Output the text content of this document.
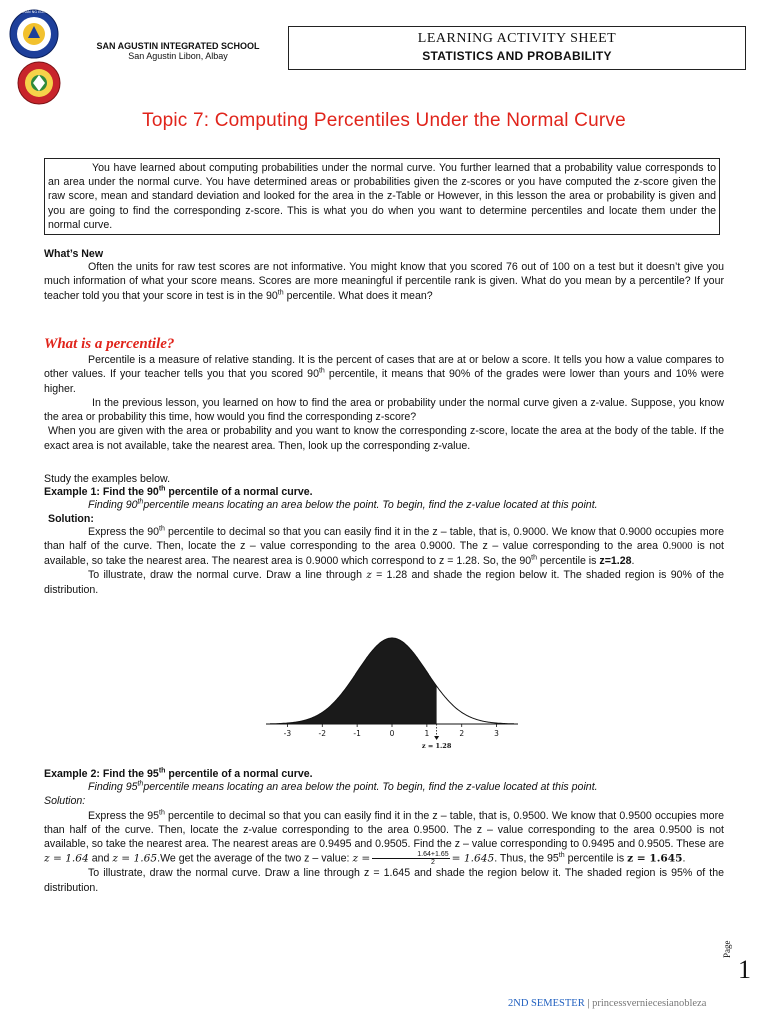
KAGAWARAN NG EDUKASYON
SAN AGUSTIN INTEGRATED SCHOOL
San Agustin Libon, Albay
LEARNING ACTIVITY SHEET
STATISTICS AND PROBABILITY
Topic 7: Computing Percentiles Under the Normal Curve
You have learned about computing probabilities under the normal curve. You further learned that a probability value corresponds to an area under the normal curve. You have determined areas or probabilities given the z-scores or you have computed the z-score given the raw score, mean and standard deviation and looked for the area in the z-Table or However, in this lesson the area or probability is given and you are going to find the corresponding z-score. This is what you do when you want to determine percentiles and locate them under the normal curve.
What’s New
Often the units for raw test scores are not informative. You might know that you scored 76 out of 100 on a test but it doesn’t give you much information of what your score means. Scores are more meaningful if percentile rank is given. What do you mean by a percentile? If your teacher told you that your score in test is in the 90th percentile. What does it mean?
What is a percentile?
Percentile is a measure of relative standing. It is the percent of cases that are at or below a score. It tells you how a value compares to other values. If your teacher tells you that you scored 90th percentile, it means that 90% of the grades were lower than yours and 10% were higher.
In the previous lesson, you learned on how to find the area or probability under the normal curve given a z-value. Suppose, you know the area or probability this time, how would you find the corresponding z-score?
When you are given with the area or probability and you want to know the corresponding z-score, locate the area at the body of the table. If the exact area is not available, take the nearest area. Then, look up the corresponding z-value.
Study the examples below.
Example 1: Find the 90th percentile of a normal curve.
Finding 90thpercentile means locating an area below the point. To begin, find the z-value located at this point.
Solution:
Express the 90th percentile to decimal so that you can easily find it in the z – table, that is, 0.9000. We know that 0.9000 occupies more than half of the curve. Then, locate the z – value corresponding to the area 0.9000. The z – value corresponding to the area 0.9000 is not available, so take the nearest area. The nearest area is 0.9000 which correspond to z = 1.28. So, the 90th percentile is z=1.28.
To illustrate, draw the normal curve. Draw a line through z = 1.28 and shade the region below it. The shaded region is 90% of the distribution.
-3	-2	-1	0	1	2	3
z = 1.28
Example 2: Find the 95th percentile of a normal curve.
Finding 95thpercentile means locating an area below the point. To begin, find the z-value located at this point.
Solution:
Express the 95th percentile to decimal so that you can easily find it in the z – table, that is, 0.9500. We know that 0.9500 occupies more than half of the curve. Then, locate the z-value corresponding to the area 0.9500. The z – value corresponding to the area 0.9500 is not available, so take the nearest area. The nearest areas are 0.9495 and 0.9505. Find the z – value corresponding to 0.9495 and 0.9505. These are z = 1.64 and z = 1.65.We get the average of the two z – value: $z = \frac{1.64+1.65}{2} = 1.645$. Thus, the 95th percentile is z = 1.645.
To illustrate, draw the normal curve. Draw a line through z = 1.645 and shade the region below it. The shaded region is 95% of the distribution.
Page
1
2ND SEMESTER | princessverniecesianobleza
